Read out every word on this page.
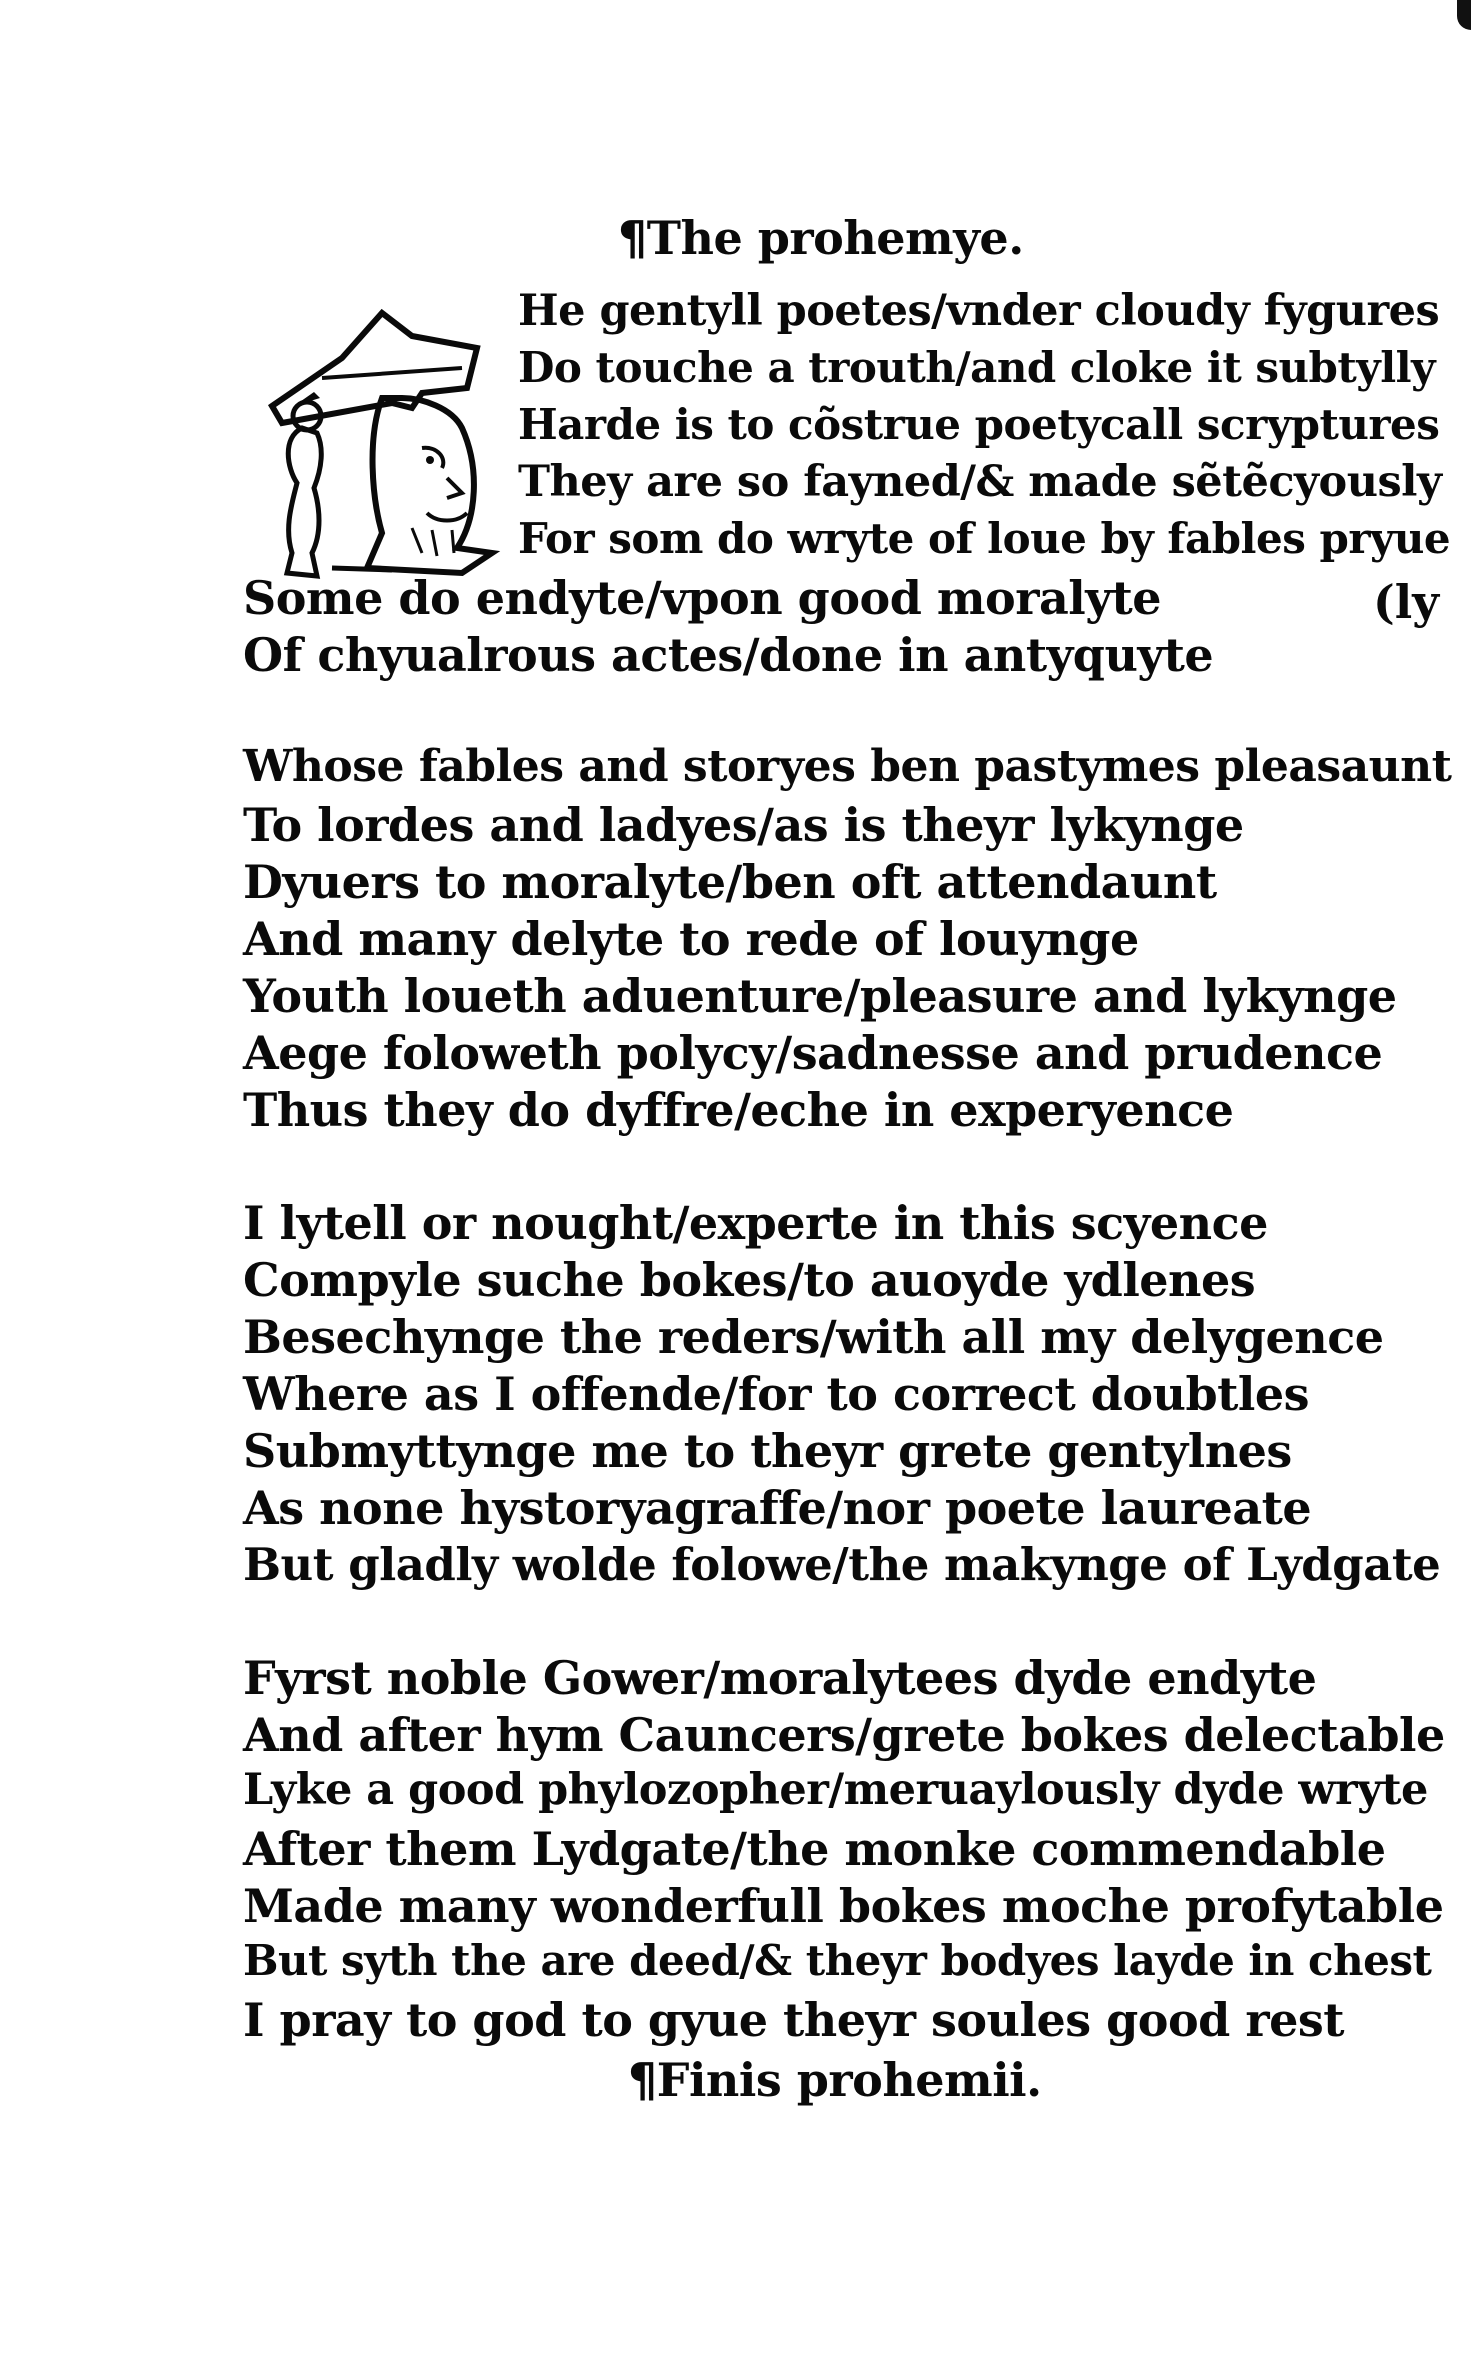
¶The prohemye.
He gentyll poetes/vnder cloudy fygures
Do touche a trouth/and cloke it subtylly
Harde is to cõstrue poetycall scryptures
They are so fayned/& made sẽtẽcyously
For som do wryte of loue by fables pryue
Some do endyte/vpon good moralyte	(ly
Of chyualrous actes/done in antyquyte
Whose fables and storyes ben pastymes pleasaunt
To lordes and ladyes/as is theyr lykynge
Dyuers to moralyte/ben oft attendaunt
And many delyte to rede of louynge
Youth loueth aduenture/pleasure and lykynge
Aege foloweth polycy/sadnesse and prudence
Thus they do dyffre/eche in experyence
I lytell or nought/experte in this scyence
Compyle suche bokes/to auoyde ydlenes
Besechynge the reders/with all my delygence
Where as I offende/for to correct doubtles
Submyttynge me to theyr grete gentylnes
As none hystoryagraffe/nor poete laureate
But gladly wolde folowe/the makynge of Lydgate
Fyrst noble Gower/moralytees dyde endyte
And after hym Cauncers/grete bokes delectable
Lyke a good phylozopher/meruaylously dyde wryte
After them Lydgate/the monke commendable
Made many wonderfull bokes moche profytable
But syth the are deed/& theyr bodyes layde in chest
I pray to god to gyue theyr soules good rest
¶Finis prohemii.
